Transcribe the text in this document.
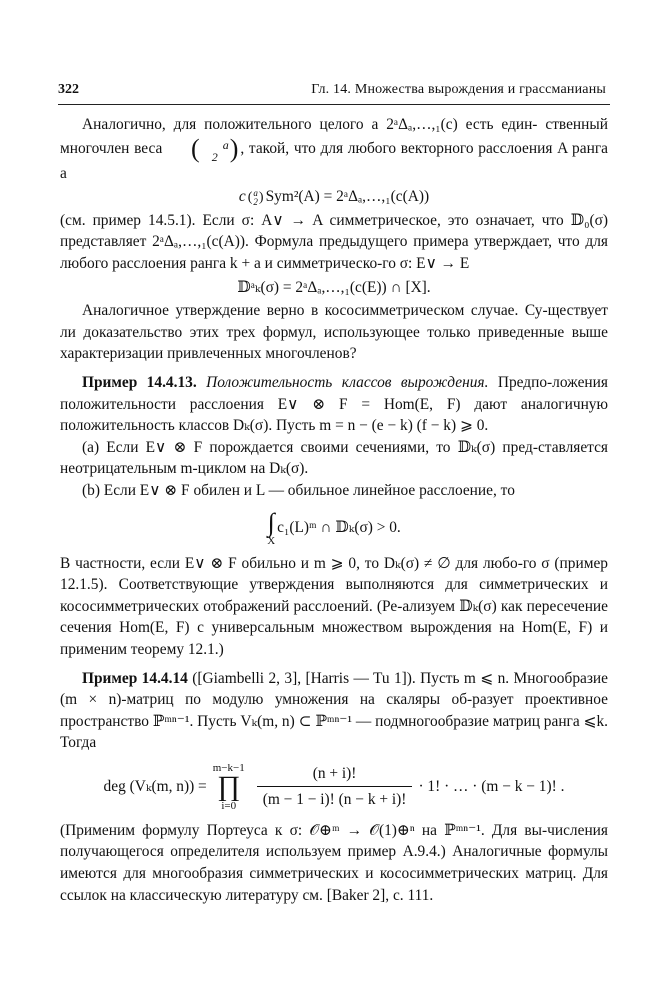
322	Гл. 14. Множества вырождения и грассманианы

Аналогично, для положительного целого a 2ᵃΔₐ,…,₁(c) есть един- ственный многочлен веса ( a
2 ) , такой, что для любого векторного расслоения A ранга a

c (a
2) Sym²(A) = 2ᵃΔₐ,…,₁(c(A))

(см. пример 14.5.1). Если σ: A∨ → A симметрическое, это означает, что 𝔻₀(σ) представляет 2ᵃΔₐ,…,₁(c(A)). Формула предыдущего примера утверждает, что для любого расслоения ранга k + a и симметрическо-го σ: E∨ → E

𝔻ᵃₖ(σ) = 2ᵃΔₐ,…,₁(c(E)) ∩ [X].

Аналогичное утверждение верно в кососимметрическом случае. Су-ществует ли доказательство этих трех формул, использующее только приведенные выше характеризации привлеченных многочленов?

Пример 14.4.13. Положительность классов вырождения. Предпо-ложения положительности расслоения E∨ ⊗ F = Hom(E, F) дают аналогичную положительность классов Dₖ(σ). Пусть m = n − (e − k) (f − k) ⩾ 0.

(a) Если E∨ ⊗ F порождается своими сечениями, то 𝔻ₖ(σ) пред-ставляется неотрицательным m-циклом на Dₖ(σ).

(b) Если E∨ ⊗ F обилен и L — обильное линейное расслоение, то

∫
X
c₁(L)ᵐ ∩ 𝔻ₖ(σ) > 0.

В частности, если E∨ ⊗ F обильно и m ⩾ 0, то Dₖ(σ) ≠ ∅ для любо-го σ (пример 12.1.5). Соответствующие утверждения выполняются для симметрических и кососимметрических отображений расслоений. (Ре-ализуем 𝔻ₖ(σ) как пересечение сечения Hom(E, F) с универсальным множеством вырождения на Hom(E, F) и применим теорему 12.1.)

Пример 14.4.14 ([Giambelli 2, 3], [Harris — Tu 1]). Пусть m ⩽ n. Многообразие (m × n)-матриц по модулю умножения на скаляры об-разует проективное пространство ℙᵐⁿ⁻¹. Пусть Vₖ(m, n) ⊂ ℙᵐⁿ⁻¹ — подмногообразие матриц ранга ⩽k. Тогда

deg (Vₖ(m, n)) =
m−k−1
∏
$i=0 \frac{(n + i)!}{(m - 1 - i)! (n - k + i)!} \cdot 1$! · … · (m − k − 1)! .

(Применим формулу Портеуса к σ: 𝒪⊕ᵐ → 𝒪(1)⊕ⁿ на ℙᵐⁿ⁻¹. Для вы-числения получающегося определителя используем пример A.9.4.) Аналогичные формулы имеются для многообразия симметрических и кососимметрических матриц. Для ссылок на классическую литературу см. [Baker 2], с. 111.
